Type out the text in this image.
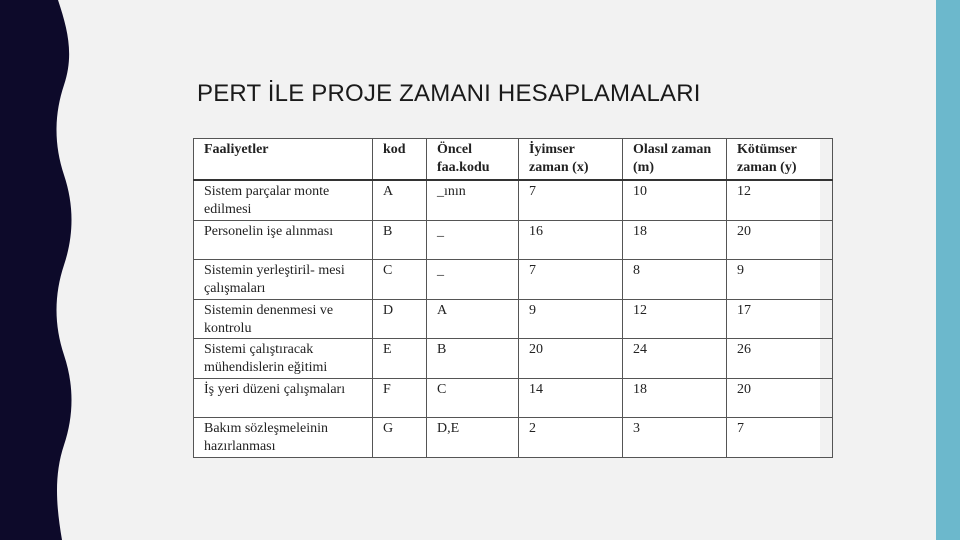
PERT İLE PROJE ZAMANI HESAPLAMALARI
Faaliyetler	kod	Öncel faa.kodu	İyimser zaman (x)	Olasıl zaman (m)	Kötümser zaman (y)
Sistem parçalar monte edilmesi	A	_ının	7	10	12
Personelin işe alınması	B	_	16	18	20
Sistemin yerleştiril- mesi çalışmaları	C	_	7	8	9
Sistemin denenmesi ve kontrolu	D	A	9	12	17
Sistemi çalıştıracak mühendislerin eğitimi	E	B	20	24	26
İş yeri düzeni çalışmaları	F	C	14	18	20
Bakım sözleşmeleinin hazırlanması	G	D,E	2	3	7
